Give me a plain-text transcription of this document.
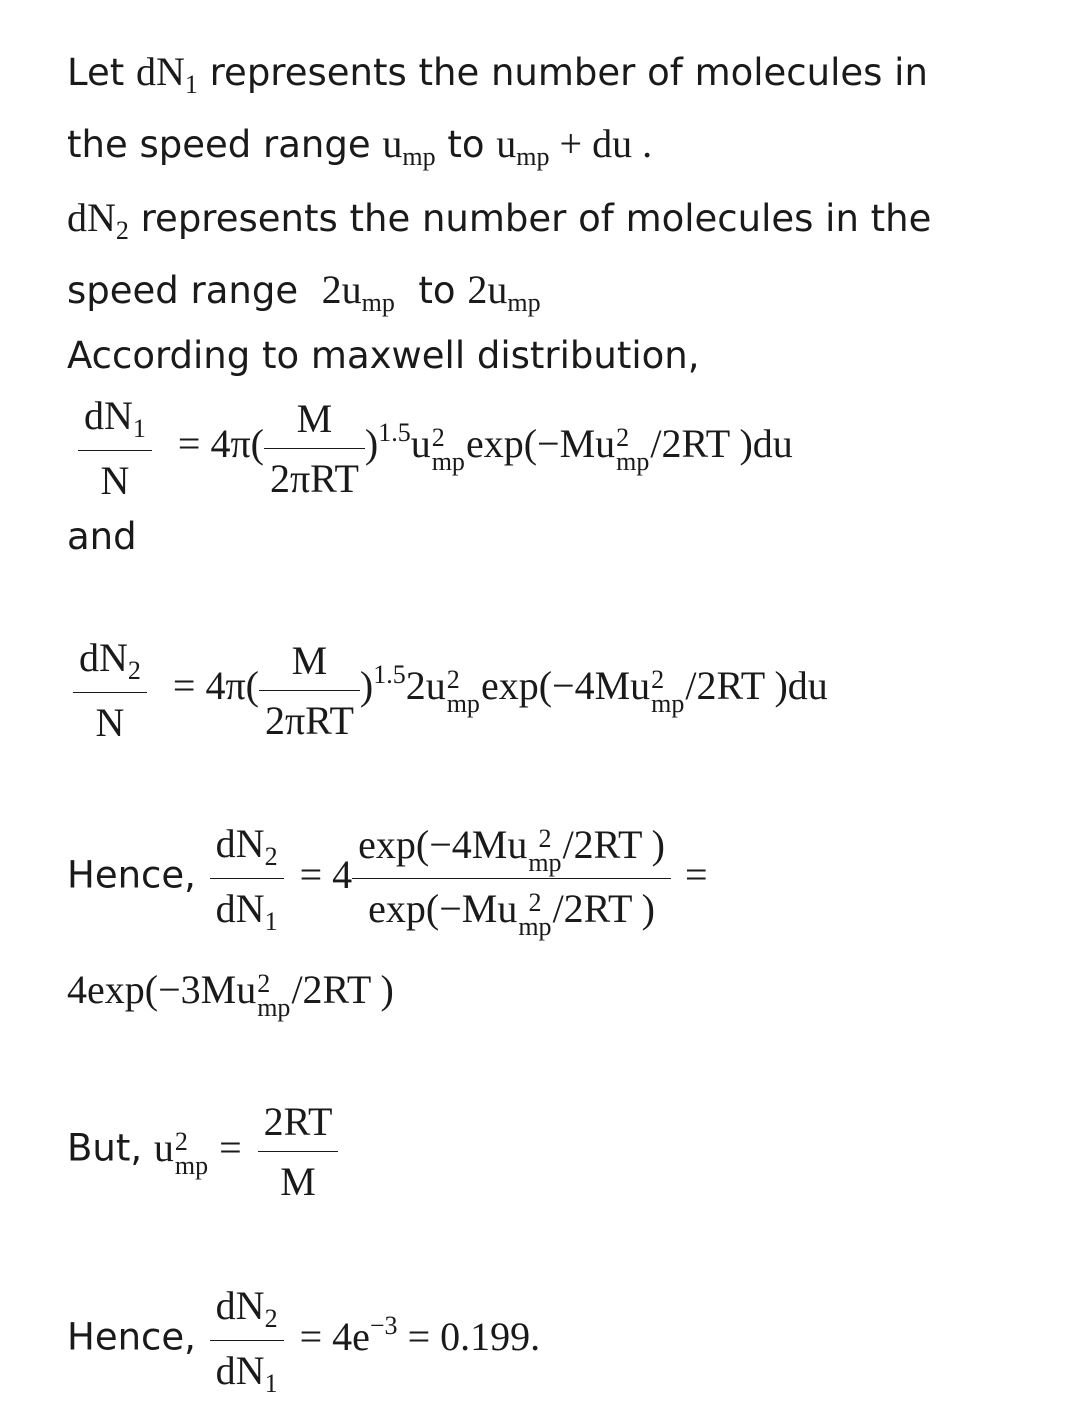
Let $dN_1$ represents the number of molecules in
the speed range $u_{mp}$ to $u_{mp}$ + du .
$dN_2$ represents the number of molecules in the
speed range $2u_{mp}$ to $2u_{mp}$
According to maxwell distribution,
$\frac{dN_1}{N} = 4\pi( \frac{M}{\text{2πRT}} )^{1.5}u$ 2
mp exp(−Mu 2
mp /2RT )du
and
$\frac{dN_2}{N} = 4\pi( \frac{M}{\text{2πRT}} )^{1.5}2u$ 2
mp exp(−4Mu 2
mp /2RT )du
Hence, $\frac{dN_2}{dN_1} = 4$ exp(−4Mu 2
mp /2RT )
exp(−Mu 2
mp /2RT ) =
4exp(−3Mu 2
mp /2RT )
But, u 2
mp = $\frac{2RT}{M}$
Hence, $\frac{dN_2}{dN_1} = 4e^{-3} = 0.199$.
